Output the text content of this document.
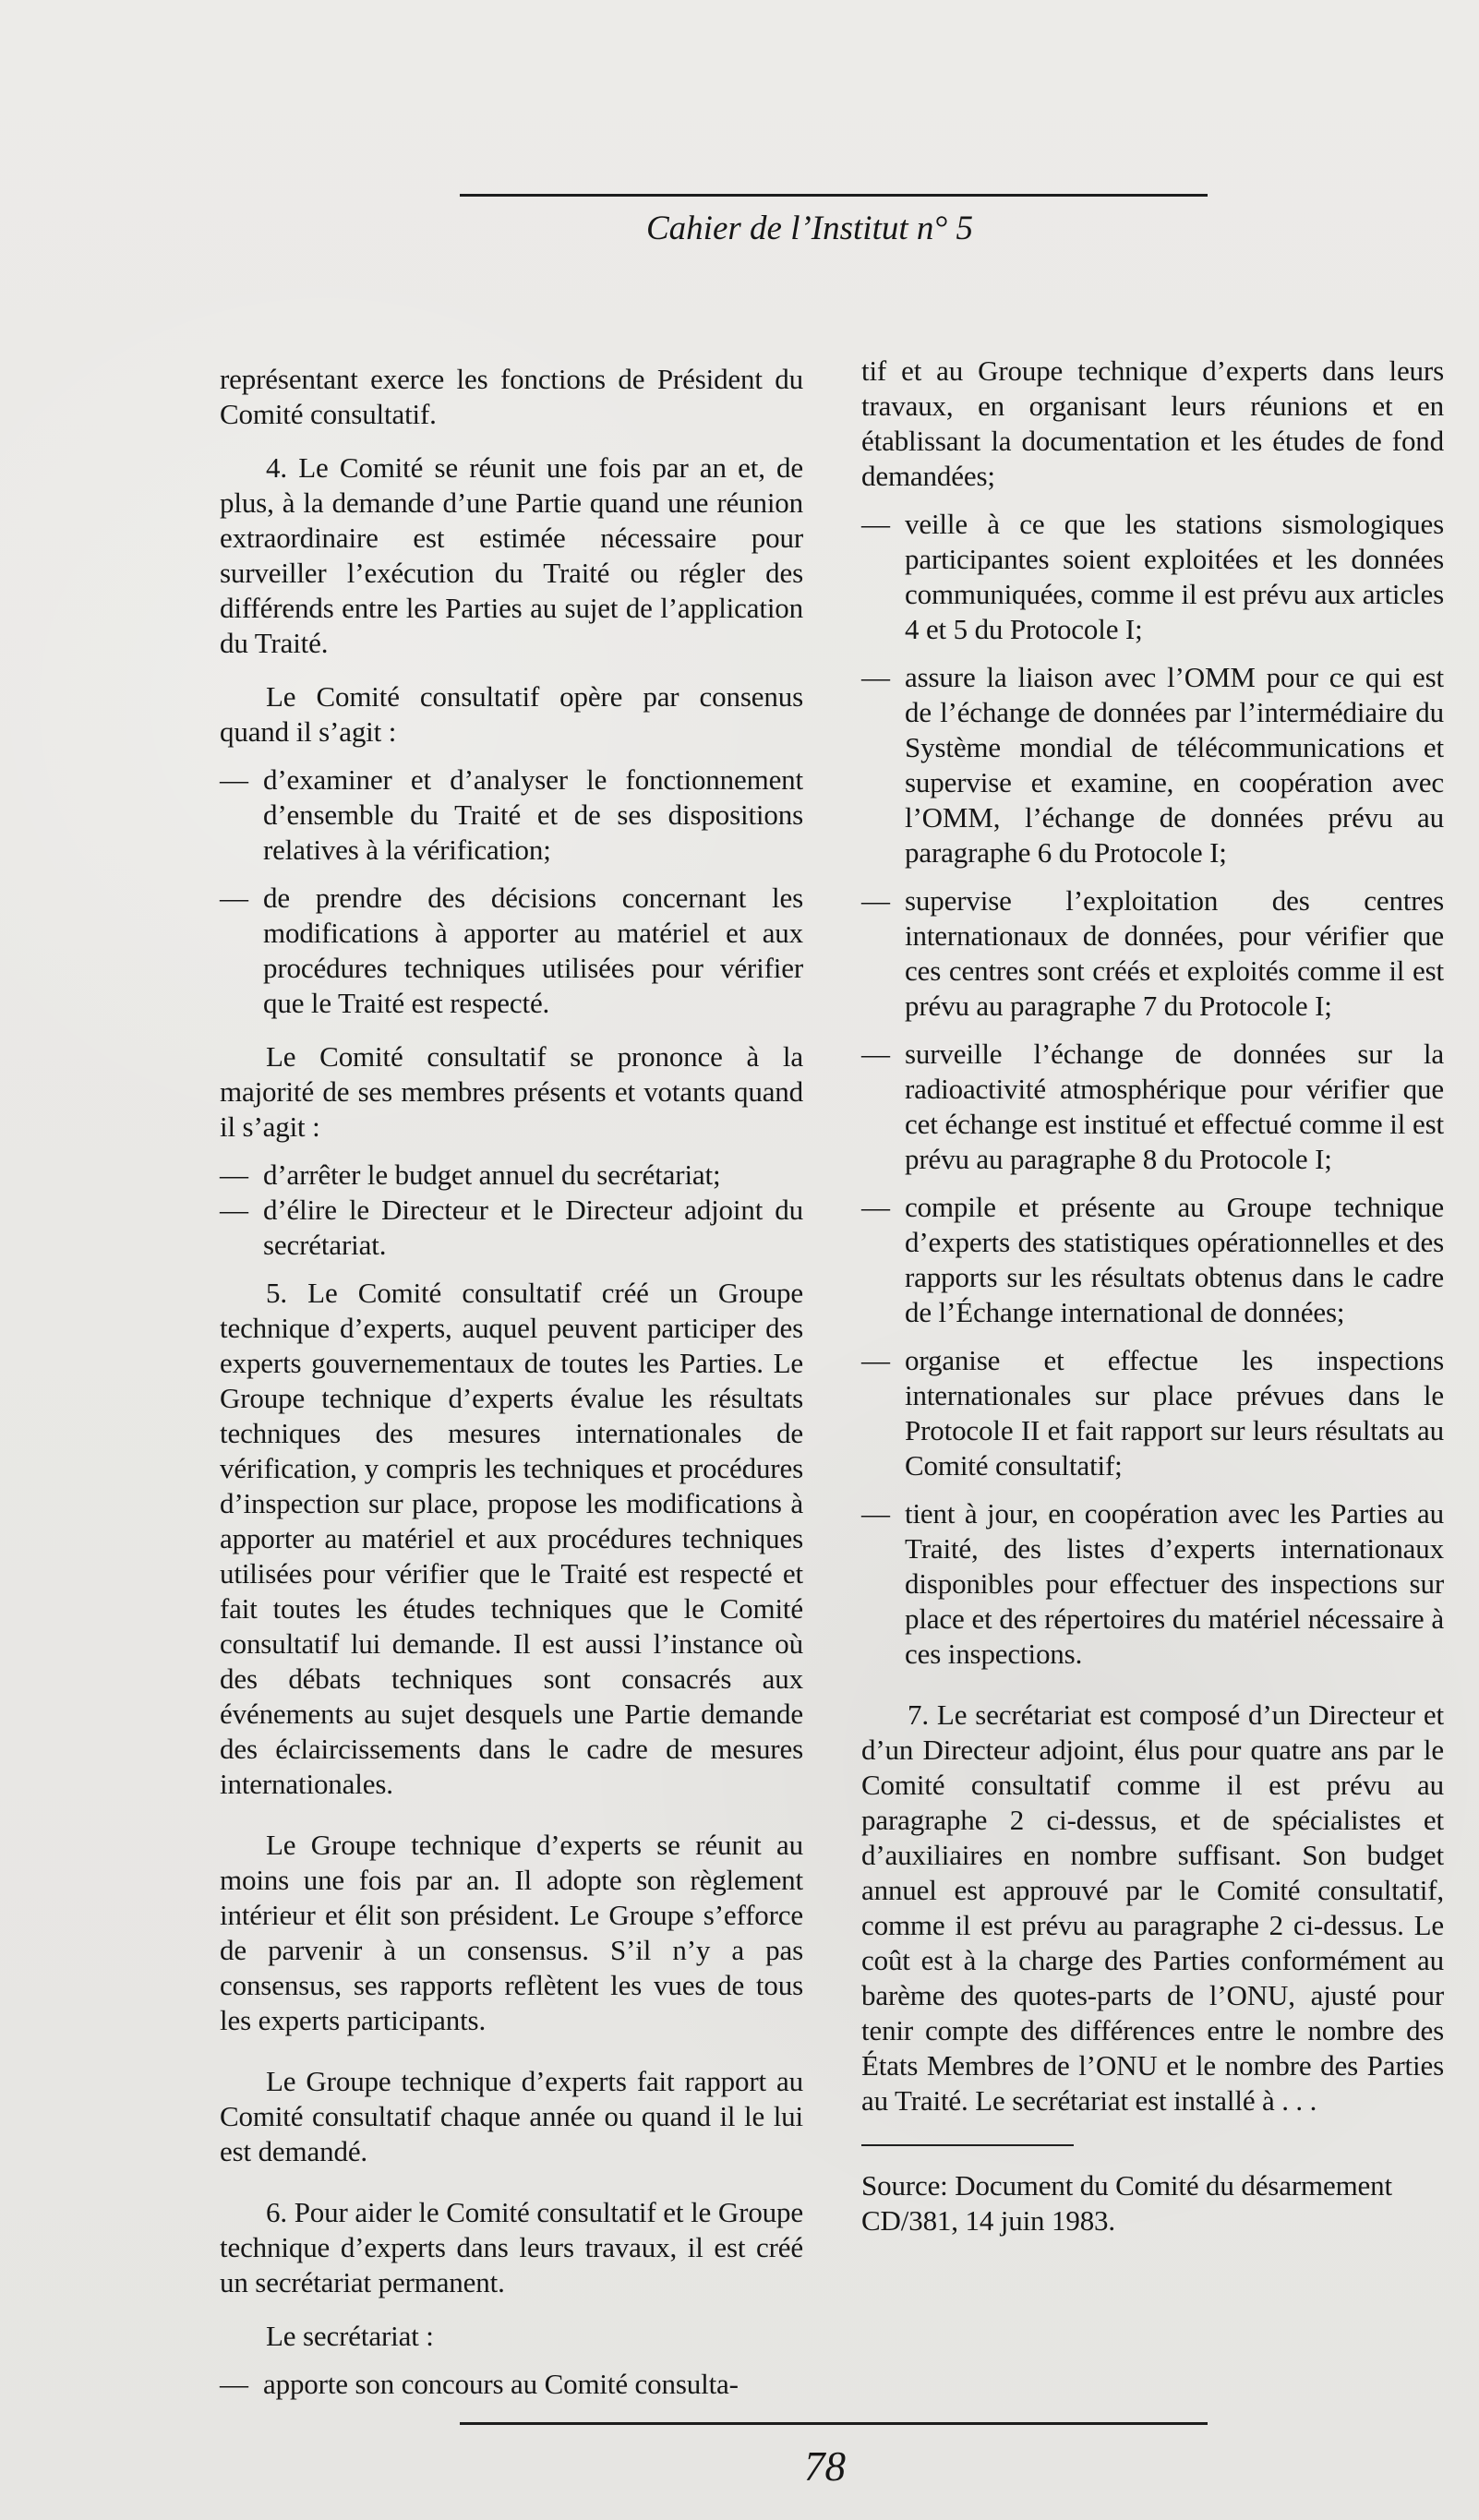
Cahier de l’Institut n° 5

représentant exerce les fonctions de Président du Comité consultatif.

4. Le Comité se réunit une fois par an et, de plus, à la demande d’une Partie quand une réunion extraordinaire est estimée nécessaire pour surveiller l’exécution du Traité ou régler des différends entre les Parties au sujet de l’application du Traité.

Le Comité consultatif opère par consenus quand il s’agit :

— d’examiner et d’analyser le fonctionnement d’ensemble du Traité et de ses dispositions relatives à la vérification;

— de prendre des décisions concernant les modifications à apporter au matériel et aux procédures techniques utilisées pour vérifier que le Traité est respecté.

Le Comité consultatif se prononce à la majorité de ses membres présents et votants quand il s’agit :

— d’arrêter le budget annuel du secrétariat;

— d’élire le Directeur et le Directeur adjoint du secrétariat.

5. Le Comité consultatif créé un Groupe technique d’experts, auquel peuvent participer des experts gouvernementaux de toutes les Parties. Le Groupe technique d’experts évalue les résultats techniques des mesures internationales de vérification, y compris les techniques et procédures d’inspection sur place, propose les modifications à apporter au matériel et aux procédures techniques utilisées pour vérifier que le Traité est respecté et fait toutes les études techniques que le Comité consultatif lui demande. Il est aussi l’instance où des débats techniques sont consacrés aux événements au sujet desquels une Partie demande des éclaircissements dans le cadre de mesures internationales.

Le Groupe technique d’experts se réunit au moins une fois par an. Il adopte son règlement intérieur et élit son président. Le Groupe s’efforce de parvenir à un consensus. S’il n’y a pas consensus, ses rapports reflètent les vues de tous les experts participants.

Le Groupe technique d’experts fait rapport au Comité consultatif chaque année ou quand il le lui est demandé.

6. Pour aider le Comité consultatif et le Groupe technique d’experts dans leurs travaux, il est créé un secrétariat permanent.

Le secrétariat :

— apporte son concours au Comité consulta-

tif et au Groupe technique d’experts dans leurs travaux, en organisant leurs réunions et en établissant la documentation et les études de fond demandées;

— veille à ce que les stations sismologiques participantes soient exploitées et les données communiquées, comme il est prévu aux articles 4 et 5 du Protocole I;

— assure la liaison avec l’OMM pour ce qui est de l’échange de données par l’intermédiaire du Système mondial de télécommunications et supervise et examine, en coopération avec l’OMM, l’échange de données prévu au paragraphe 6 du Protocole I;

— supervise l’exploitation des centres internationaux de données, pour vérifier que ces centres sont créés et exploités comme il est prévu au paragraphe 7 du Protocole I;

— surveille l’échange de données sur la radioactivité atmosphérique pour vérifier que cet échange est institué et effectué comme il est prévu au paragraphe 8 du Protocole I;

— compile et présente au Groupe technique d’experts des statistiques opérationnelles et des rapports sur les résultats obtenus dans le cadre de l’Échange international de données;

— organise et effectue les inspections internationales sur place prévues dans le Protocole II et fait rapport sur leurs résultats au Comité consultatif;

— tient à jour, en coopération avec les Parties au Traité, des listes d’experts internationaux disponibles pour effectuer des inspections sur place et des répertoires du matériel nécessaire à ces inspections.

7. Le secrétariat est composé d’un Directeur et d’un Directeur adjoint, élus pour quatre ans par le Comité consultatif comme il est prévu au paragraphe 2 ci-dessus, et de spécialistes et d’auxiliaires en nombre suffisant. Son budget annuel est approuvé par le Comité consultatif, comme il est prévu au paragraphe 2 ci-dessus. Le coût est à la charge des Parties conformément au barème des quotes-parts de l’ONU, ajusté pour tenir compte des différences entre le nombre des États Membres de l’ONU et le nombre des Parties au Traité. Le secrétariat est installé à . . .

Source: Document du Comité du désarmement CD/381, 14 juin 1983.

78
